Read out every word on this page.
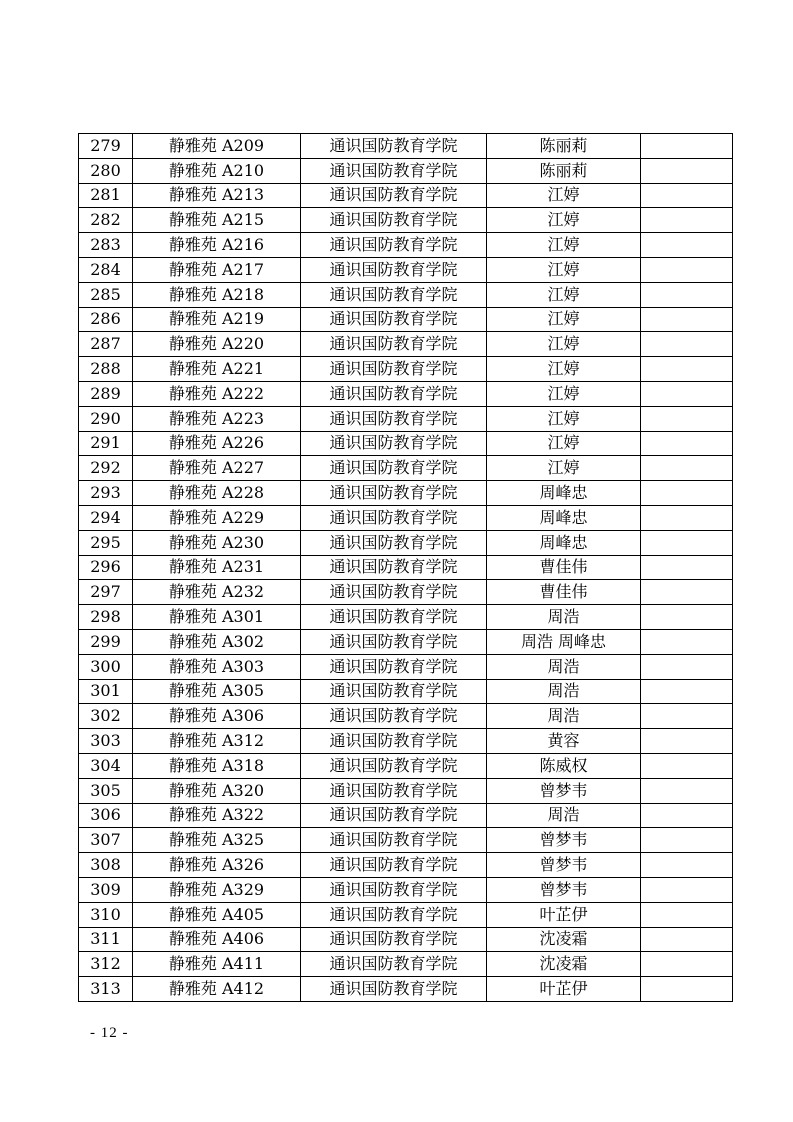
279	静雅苑 A209	通识国防教育学院	陈丽莉	
280	静雅苑 A210	通识国防教育学院	陈丽莉	
281	静雅苑 A213	通识国防教育学院	江婷	
282	静雅苑 A215	通识国防教育学院	江婷	
283	静雅苑 A216	通识国防教育学院	江婷	
284	静雅苑 A217	通识国防教育学院	江婷	
285	静雅苑 A218	通识国防教育学院	江婷	
286	静雅苑 A219	通识国防教育学院	江婷	
287	静雅苑 A220	通识国防教育学院	江婷	
288	静雅苑 A221	通识国防教育学院	江婷	
289	静雅苑 A222	通识国防教育学院	江婷	
290	静雅苑 A223	通识国防教育学院	江婷	
291	静雅苑 A226	通识国防教育学院	江婷	
292	静雅苑 A227	通识国防教育学院	江婷	
293	静雅苑 A228	通识国防教育学院	周峰忠	
294	静雅苑 A229	通识国防教育学院	周峰忠	
295	静雅苑 A230	通识国防教育学院	周峰忠	
296	静雅苑 A231	通识国防教育学院	曹佳伟	
297	静雅苑 A232	通识国防教育学院	曹佳伟	
298	静雅苑 A301	通识国防教育学院	周浩	
299	静雅苑 A302	通识国防教育学院	周浩 周峰忠	
300	静雅苑 A303	通识国防教育学院	周浩	
301	静雅苑 A305	通识国防教育学院	周浩	
302	静雅苑 A306	通识国防教育学院	周浩	
303	静雅苑 A312	通识国防教育学院	黄容	
304	静雅苑 A318	通识国防教育学院	陈威权	
305	静雅苑 A320	通识国防教育学院	曾梦韦	
306	静雅苑 A322	通识国防教育学院	周浩	
307	静雅苑 A325	通识国防教育学院	曾梦韦	
308	静雅苑 A326	通识国防教育学院	曾梦韦	
309	静雅苑 A329	通识国防教育学院	曾梦韦	
310	静雅苑 A405	通识国防教育学院	叶芷伊	
311	静雅苑 A406	通识国防教育学院	沈凌霜	
312	静雅苑 A411	通识国防教育学院	沈凌霜	
313	静雅苑 A412	通识国防教育学院	叶芷伊	
- 12 -
